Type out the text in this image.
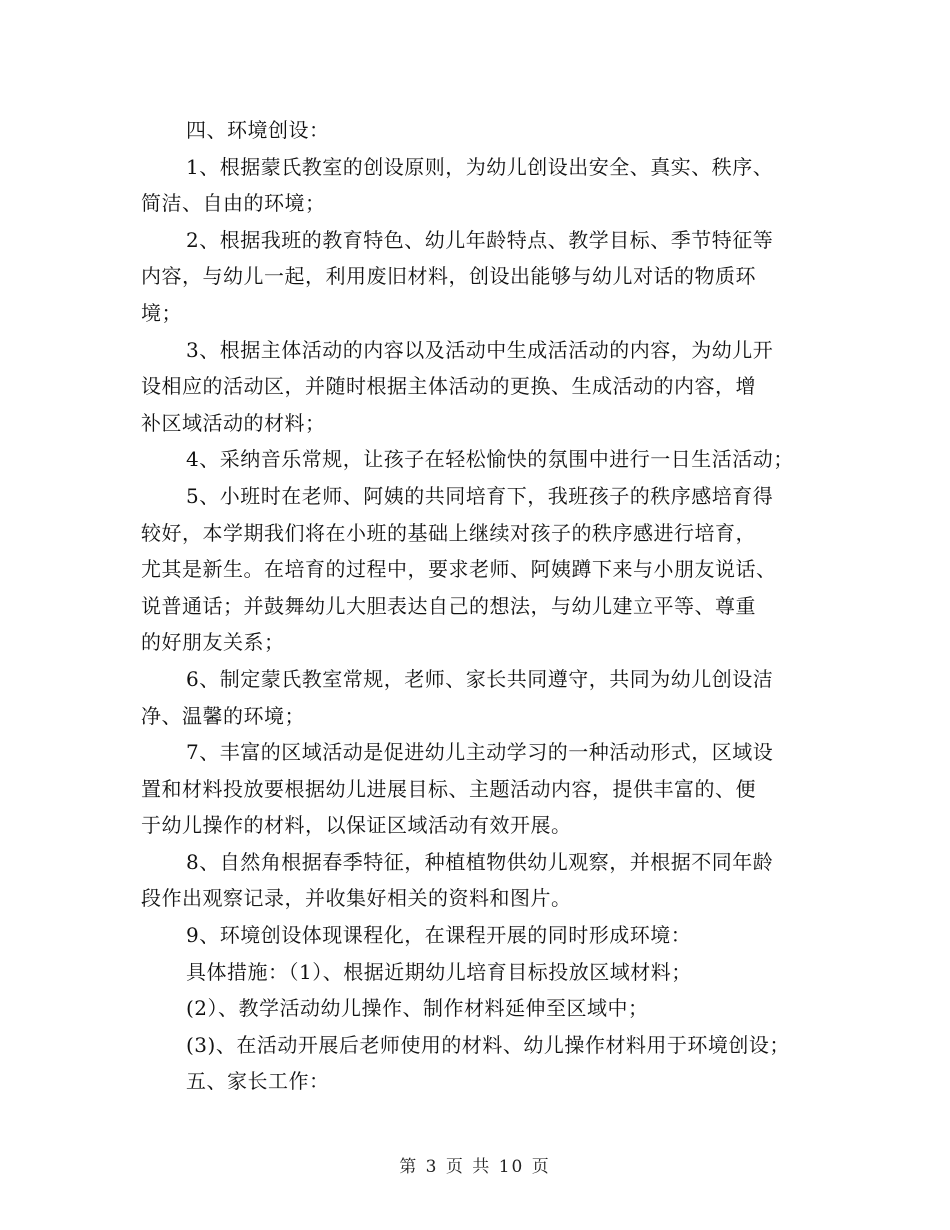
四、环境创设：
1、根据蒙氏教室的创设原则，为幼儿创设出安全、真实、秩序、
简洁、自由的环境；
2、根据我班的教育特色、幼儿年龄特点、教学目标、季节特征等
内容，与幼儿一起，利用废旧材料，创设出能够与幼儿对话的物质环
境；
3、根据主体活动的内容以及活动中生成活活动的内容，为幼儿开
设相应的活动区，并随时根据主体活动的更换、生成活动的内容，增
补区域活动的材料；
4、采纳音乐常规，让孩子在轻松愉快的氛围中进行一日生活活动；
5、小班时在老师、阿姨的共同培育下，我班孩子的秩序感培育得
较好，本学期我们将在小班的基础上继续对孩子的秩序感进行培育，
尤其是新生。在培育的过程中，要求老师、阿姨蹲下来与小朋友说话、
说普通话；并鼓舞幼儿大胆表达自己的想法，与幼儿建立平等、尊重
的好朋友关系；
6、制定蒙氏教室常规，老师、家长共同遵守，共同为幼儿创设洁
净、温馨的环境；
7、丰富的区域活动是促进幼儿主动学习的一种活动形式，区域设
置和材料投放要根据幼儿进展目标、主题活动内容，提供丰富的、便
于幼儿操作的材料，以保证区域活动有效开展。
8、自然角根据春季特征，种植植物供幼儿观察，并根据不同年龄
段作出观察记录，并收集好相关的资料和图片。
9、环境创设体现课程化，在课程开展的同时形成环境：
具体措施：（1）、根据近期幼儿培育目标投放区域材料；
(2）、教学活动幼儿操作、制作材料延伸至区域中；
(3)、在活动开展后老师使用的材料、幼儿操作材料用于环境创设；
五、家长工作：
第 3 页 共 10 页
